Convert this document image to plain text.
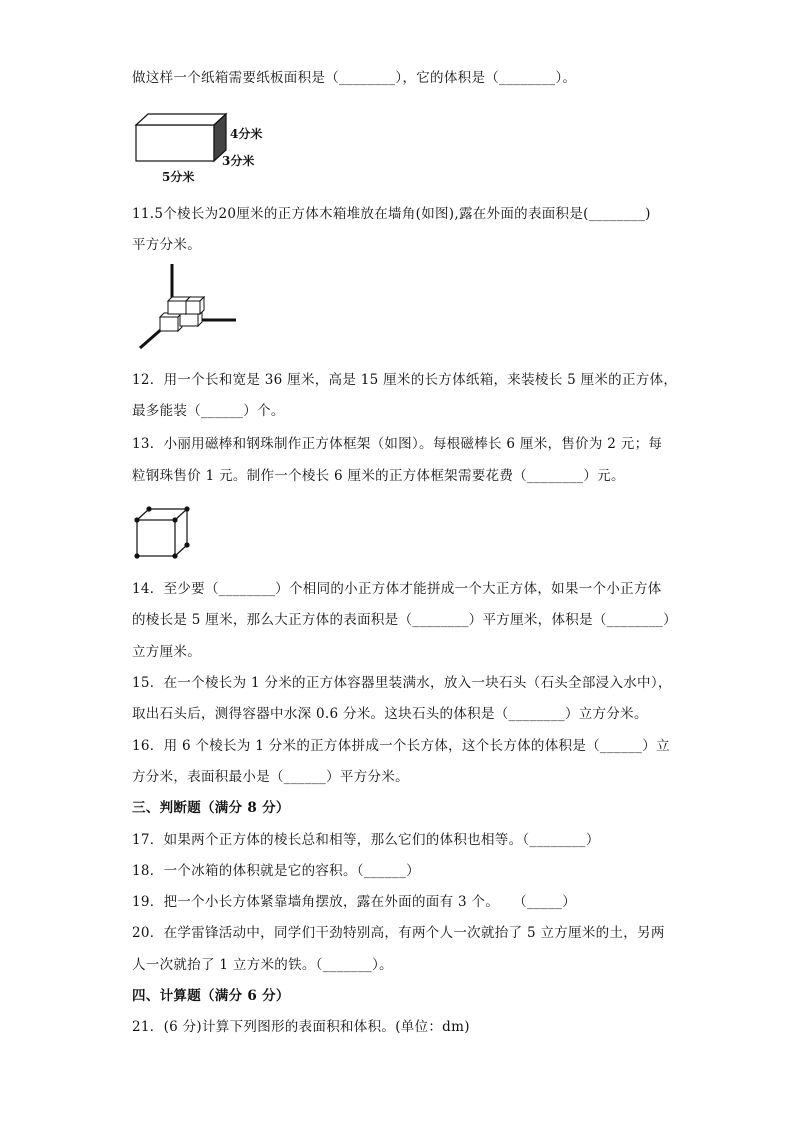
做这样一个纸箱需要纸板面积是（________），它的体积是（________）。
4分米
3分米
5分米
11.5个棱长为20厘米的正方体木箱堆放在墙角(如图),露在外面的表面积是(________)
平方分米。
12．用一个长和宽是 36 厘米，高是 15 厘米的长方体纸箱，来装棱长 5 厘米的正方体，
最多能装（______）个。
13．小丽用磁棒和钢珠制作正方体框架（如图）。每根磁棒长 6 厘米，售价为 2 元；每
粒钢珠售价 1 元。制作一个棱长 6 厘米的正方体框架需要花费（________）元。
14．至少要（________）个相同的小正方体才能拼成一个大正方体，如果一个小正方体
的棱长是 5 厘米，那么大正方体的表面积是（________）平方厘米，体积是（________）
立方厘米。
15．在一个棱长为 1 分米的正方体容器里装满水，放入一块石头（石头全部浸入水中），
取出石头后，测得容器中水深 0.6 分米。这块石头的体积是（________）立方分米。
16．用 6 个棱长为 1 分米的正方体拼成一个长方体，这个长方体的体积是（______）立
方分米，表面积最小是（______）平方分米。
三、判断题（满分 8 分）
17．如果两个正方体的棱长总和相等，那么它们的体积也相等。（________）
18．一个冰箱的体积就是它的容积。（______）
19．把一个小长方体紧靠墙角摆放，露在外面的面有 3 个。　　（_____）
20．在学雷锋活动中，同学们干劲特别高，有两个人一次就抬了 5 立方厘米的土，另两
人一次就抬了 1 立方米的铁。（_______）。
四、计算题（满分 6 分）
21．(6 分)计算下列图形的表面积和体积。(单位：dm)
